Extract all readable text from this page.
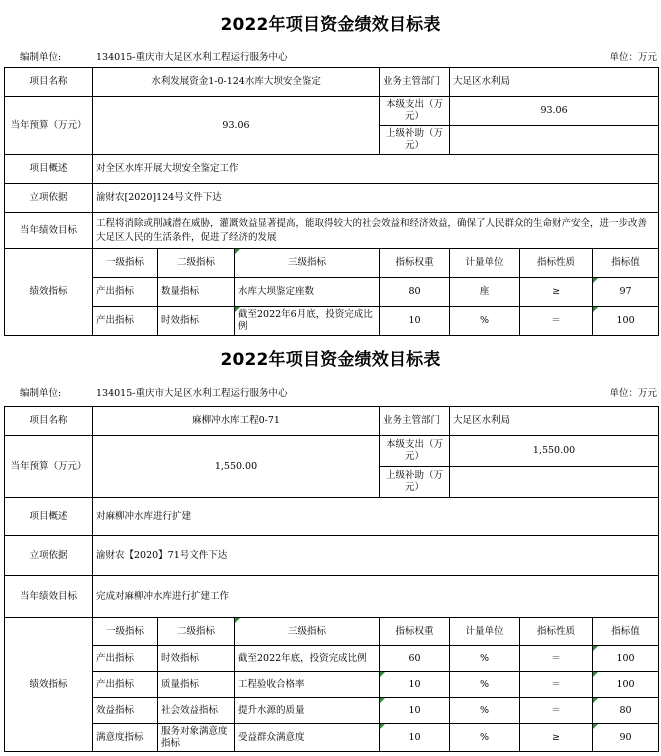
2022年项目资金绩效目标表
编制单位:	134015-重庆市大足区水利工程运行服务中心	单位：万元
项目名称	水利发展资金1-0-124水库大坝安全鉴定			业务主管部门	大足区水利局		
当年预算（万元）	93.06			本级支出（万元）	93.06		
				上级补助（万元）			
项目概述	对全区水库开展大坝安全鉴定工作						
立项依据	渝财农[2020]124号文件下达						
当年绩效目标	工程将消除或削减潜在威胁，灌溉效益显著提高，能取得较大的社会效益和经济效益，确保了人民群众的生命财产安全，进一步改善大足区人民的生活条件，促进了经济的发展						
绩效指标	一级指标	二级指标	三级指标	指标权重	计量单位	指标性质	指标值
	产出指标	数量指标	水库大坝鉴定座数	80	座	≥	97
	产出指标	时效指标	截至2022年6月底，投资完成比例	10	%	＝	100
2022年项目资金绩效目标表
编制单位:	134015-重庆市大足区水利工程运行服务中心	单位：万元
项目名称	麻柳冲水库工程0-71			业务主管部门	大足区水利局		
当年预算（万元）	1,550.00			本级支出（万元）	1,550.00		
				上级补助（万元）			
项目概述	对麻柳冲水库进行扩建						
立项依据	渝财农【2020】71号文件下达						
当年绩效目标	完成对麻柳冲水库进行扩建工作						
绩效指标	一级指标	二级指标	三级指标	指标权重	计量单位	指标性质	指标值
	产出指标	时效指标	截至2022年底，投资完成比例	60	%	＝	100
	产出指标	质量指标	工程验收合格率	10	%	＝	100
	效益指标	社会效益指标	提升水源的质量	10	%	＝	80
	满意度指标	服务对象满意度指标	受益群众满意度	10	%	≥	90
